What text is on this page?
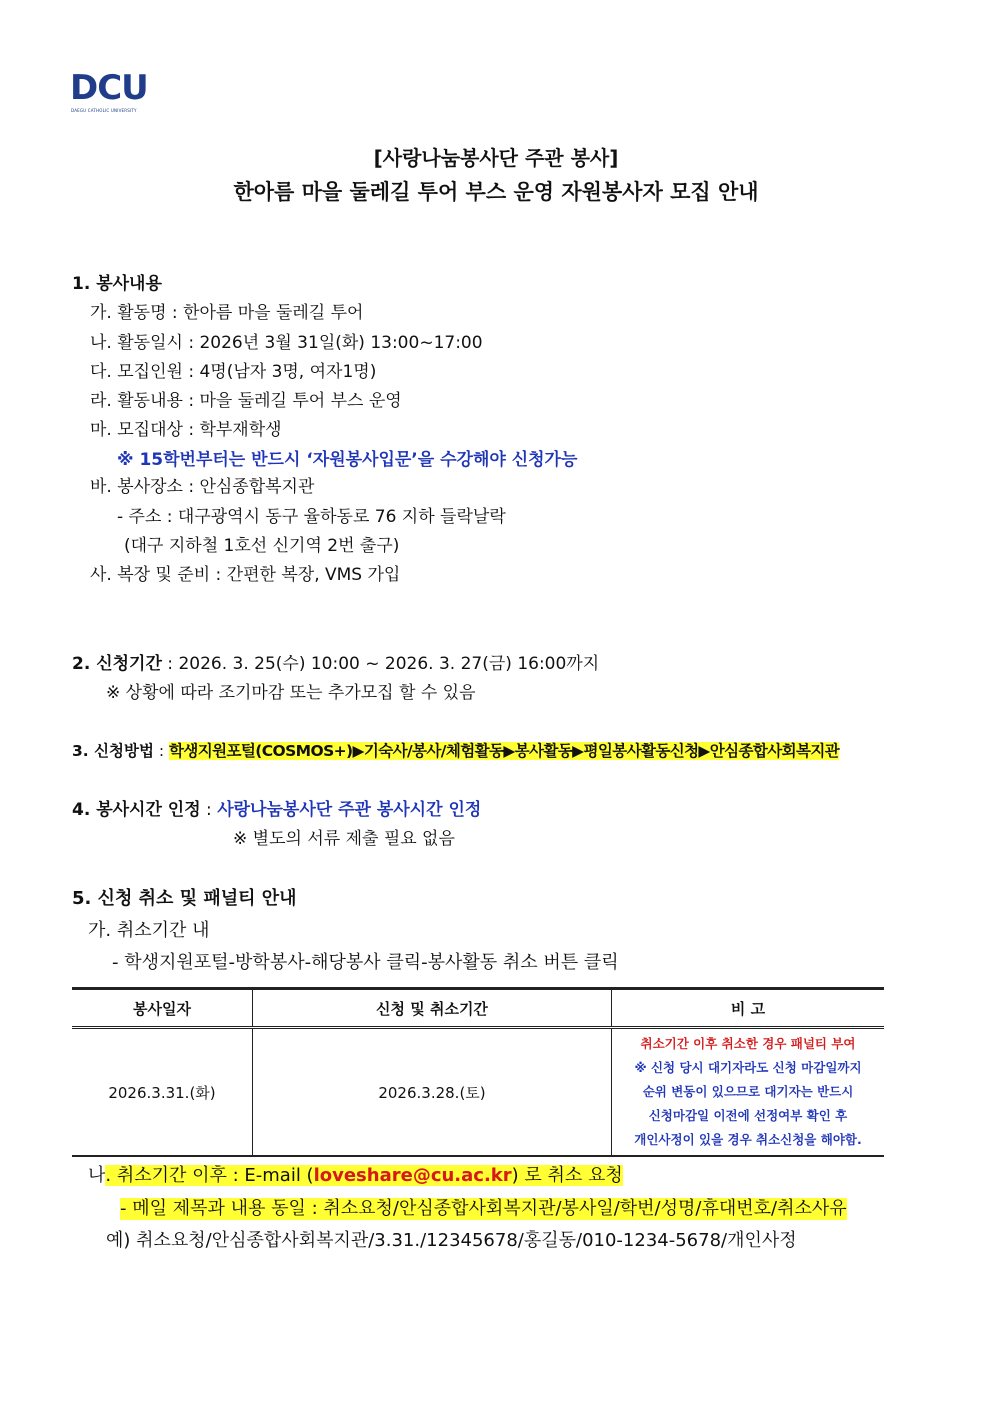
DCU
DAEGU CATHOLIC UNIVERSITY
[사랑나눔봉사단 주관 봉사]
한아름 마을 둘레길 투어 부스 운영 자원봉사자 모집 안내
1. 봉사내용
가. 활동명 : 한아름 마을 둘레길 투어
나. 활동일시 : 2026년 3월 31일(화) 13:00~17:00
다. 모집인원 : 4명(남자 3명, 여자1명)
라. 활동내용 : 마을 둘레길 투어 부스 운영
마. 모집대상 : 학부재학생
※ 15학번부터는 반드시 ‘자원봉사입문’을 수강해야 신청가능
바. 봉사장소 : 안심종합복지관
- 주소 : 대구광역시 동구 율하동로 76 지하 들락날락
(대구 지하철 1호선 신기역 2번 출구)
사. 복장 및 준비 : 간편한 복장, VMS 가입
2. 신청기간 : 2026. 3. 25(수) 10:00 ~ 2026. 3. 27(금) 16:00까지
※ 상황에 따라 조기마감 또는 추가모집 할 수 있음
3. 신청방법 : 학생지원포털(COSMOS+)▶기숙사/봉사/체험활동▶봉사활동▶평일봉사활동신청▶안심종합사회복지관
4. 봉사시간 인정 : 사랑나눔봉사단 주관 봉사시간 인정
※ 별도의 서류 제출 필요 없음
5. 신청 취소 및 패널티 안내
가. 취소기간 내
- 학생지원포털-방학봉사-해당봉사 클릭-봉사활동 취소 버튼 클릭
봉사일자	신청 및 취소기간	비 고
2026.3.31.(화)	2026.3.28.(토)	취소기간 이후 취소한 경우 패널티 부여
※ 신청 당시 대기자라도 신청 마감일까지
순위 변동이 있으므로 대기자는 반드시
신청마감일 이전에 선정여부 확인 후
개인사정이 있을 경우 취소신청을 해야함.
나. 취소기간 이후 : E-mail (loveshare@cu.ac.kr) 로 취소 요청
- 메일 제목과 내용 동일 : 취소요청/안심종합사회복지관/봉사일/학번/성명/휴대번호/취소사유
예) 취소요청/안심종합사회복지관/3.31./12345678/홍길동/010-1234-5678/개인사정
